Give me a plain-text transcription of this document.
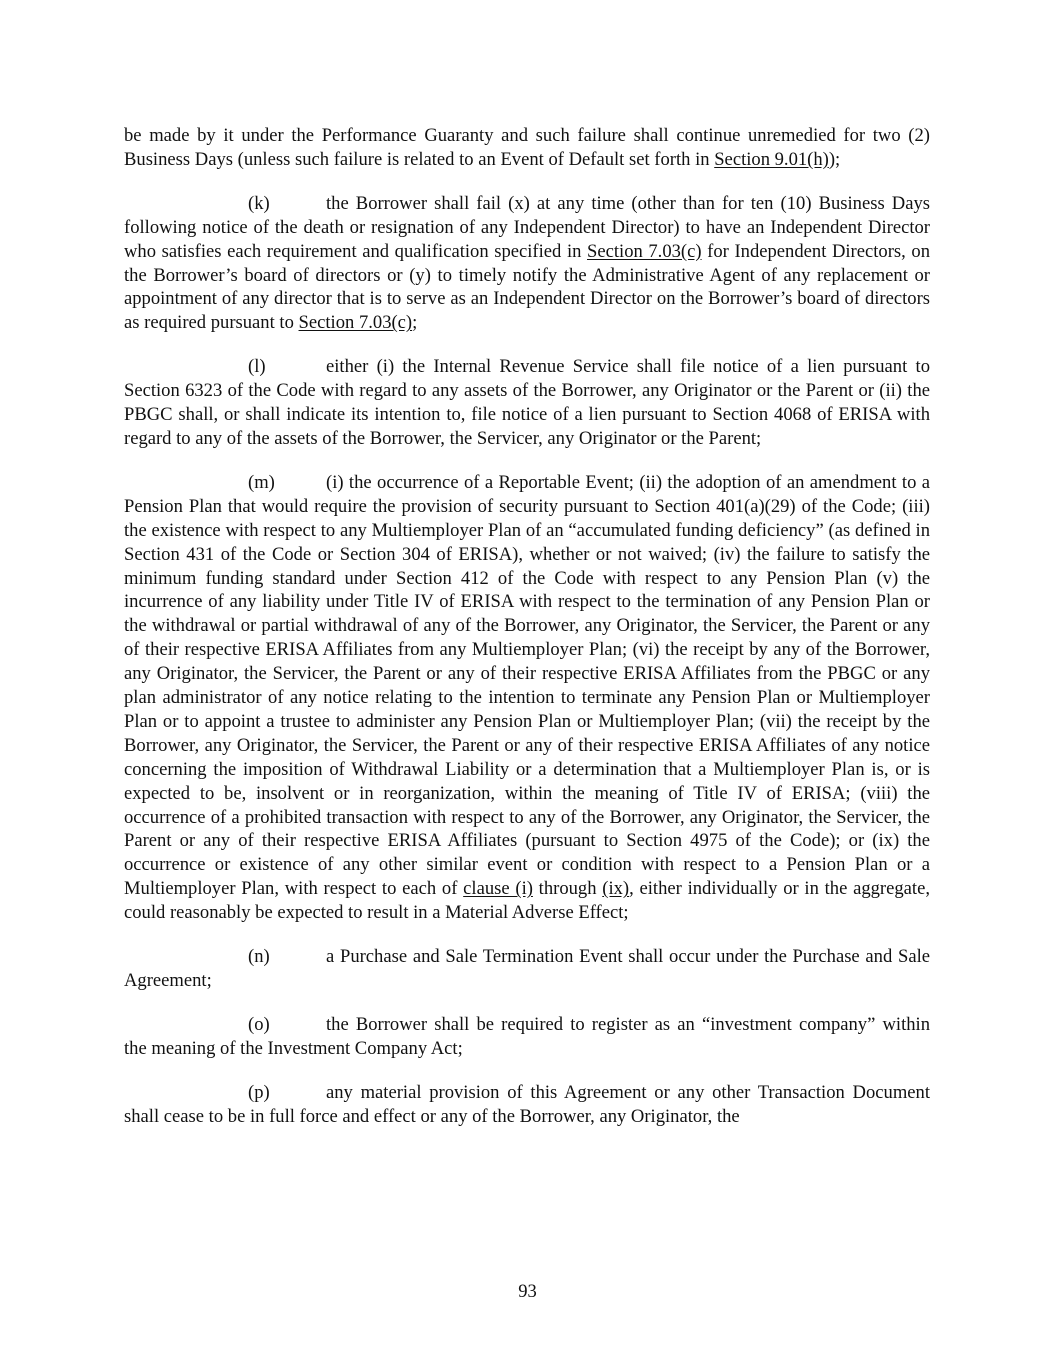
be made by it under the Performance Guaranty and such failure shall continue unremedied for two (2) Business Days (unless such failure is related to an Event of Default set forth in Section 9.01(h));

(k)	the Borrower shall fail (x) at any time (other than for ten (10) Business Days following notice of the death or resignation of any Independent Director) to have an Independent Director who satisfies each requirement and qualification specified in Section 7.03(c) for Independent Directors, on the Borrower’s board of directors or (y) to timely notify the Administrative Agent of any replacement or appointment of any director that is to serve as an Independent Director on the Borrower’s board of directors as required pursuant to Section 7.03(c);

(l)	either (i) the Internal Revenue Service shall file notice of a lien pursuant to Section 6323 of the Code with regard to any assets of the Borrower, any Originator or the Parent or (ii) the PBGC shall, or shall indicate its intention to, file notice of a lien pursuant to Section 4068 of ERISA with regard to any of the assets of the Borrower, the Servicer, any Originator or the Parent;

(m)	(i) the occurrence of a Reportable Event; (ii) the adoption of an amendment to a Pension Plan that would require the provision of security pursuant to Section 401(a)(29) of the Code; (iii) the existence with respect to any Multiemployer Plan of an “accumulated funding deficiency” (as defined in Section 431 of the Code or Section 304 of ERISA), whether or not waived; (iv) the failure to satisfy the minimum funding standard under Section 412 of the Code with respect to any Pension Plan (v) the incurrence of any liability under Title IV of ERISA with respect to the termination of any Pension Plan or the withdrawal or partial withdrawal of any of the Borrower, any Originator, the Servicer, the Parent or any of their respective ERISA Affiliates from any Multiemployer Plan; (vi) the receipt by any of the Borrower, any Originator, the Servicer, the Parent or any of their respective ERISA Affiliates from the PBGC or any plan administrator of any notice relating to the intention to terminate any Pension Plan or Multiemployer Plan or to appoint a trustee to administer any Pension Plan or Multiemployer Plan; (vii) the receipt by the Borrower, any Originator, the Servicer, the Parent or any of their respective ERISA Affiliates of any notice concerning the imposition of Withdrawal Liability or a determination that a Multiemployer Plan is, or is expected to be, insolvent or in reorganization, within the meaning of Title IV of ERISA; (viii) the occurrence of a prohibited transaction with respect to any of the Borrower, any Originator, the Servicer, the Parent or any of their respective ERISA Affiliates (pursuant to Section 4975 of the Code); or (ix) the occurrence or existence of any other similar event or condition with respect to a Pension Plan or a Multiemployer Plan, with respect to each of clause (i) through (ix), either individually or in the aggregate, could reasonably be expected to result in a Material Adverse Effect;

(n)	a Purchase and Sale Termination Event shall occur under the Purchase and Sale Agreement;

(o)	the Borrower shall be required to register as an “investment company” within the meaning of the Investment Company Act;

(p)	any material provision of this Agreement or any other Transaction Document shall cease to be in full force and effect or any of the Borrower, any Originator, the

93
